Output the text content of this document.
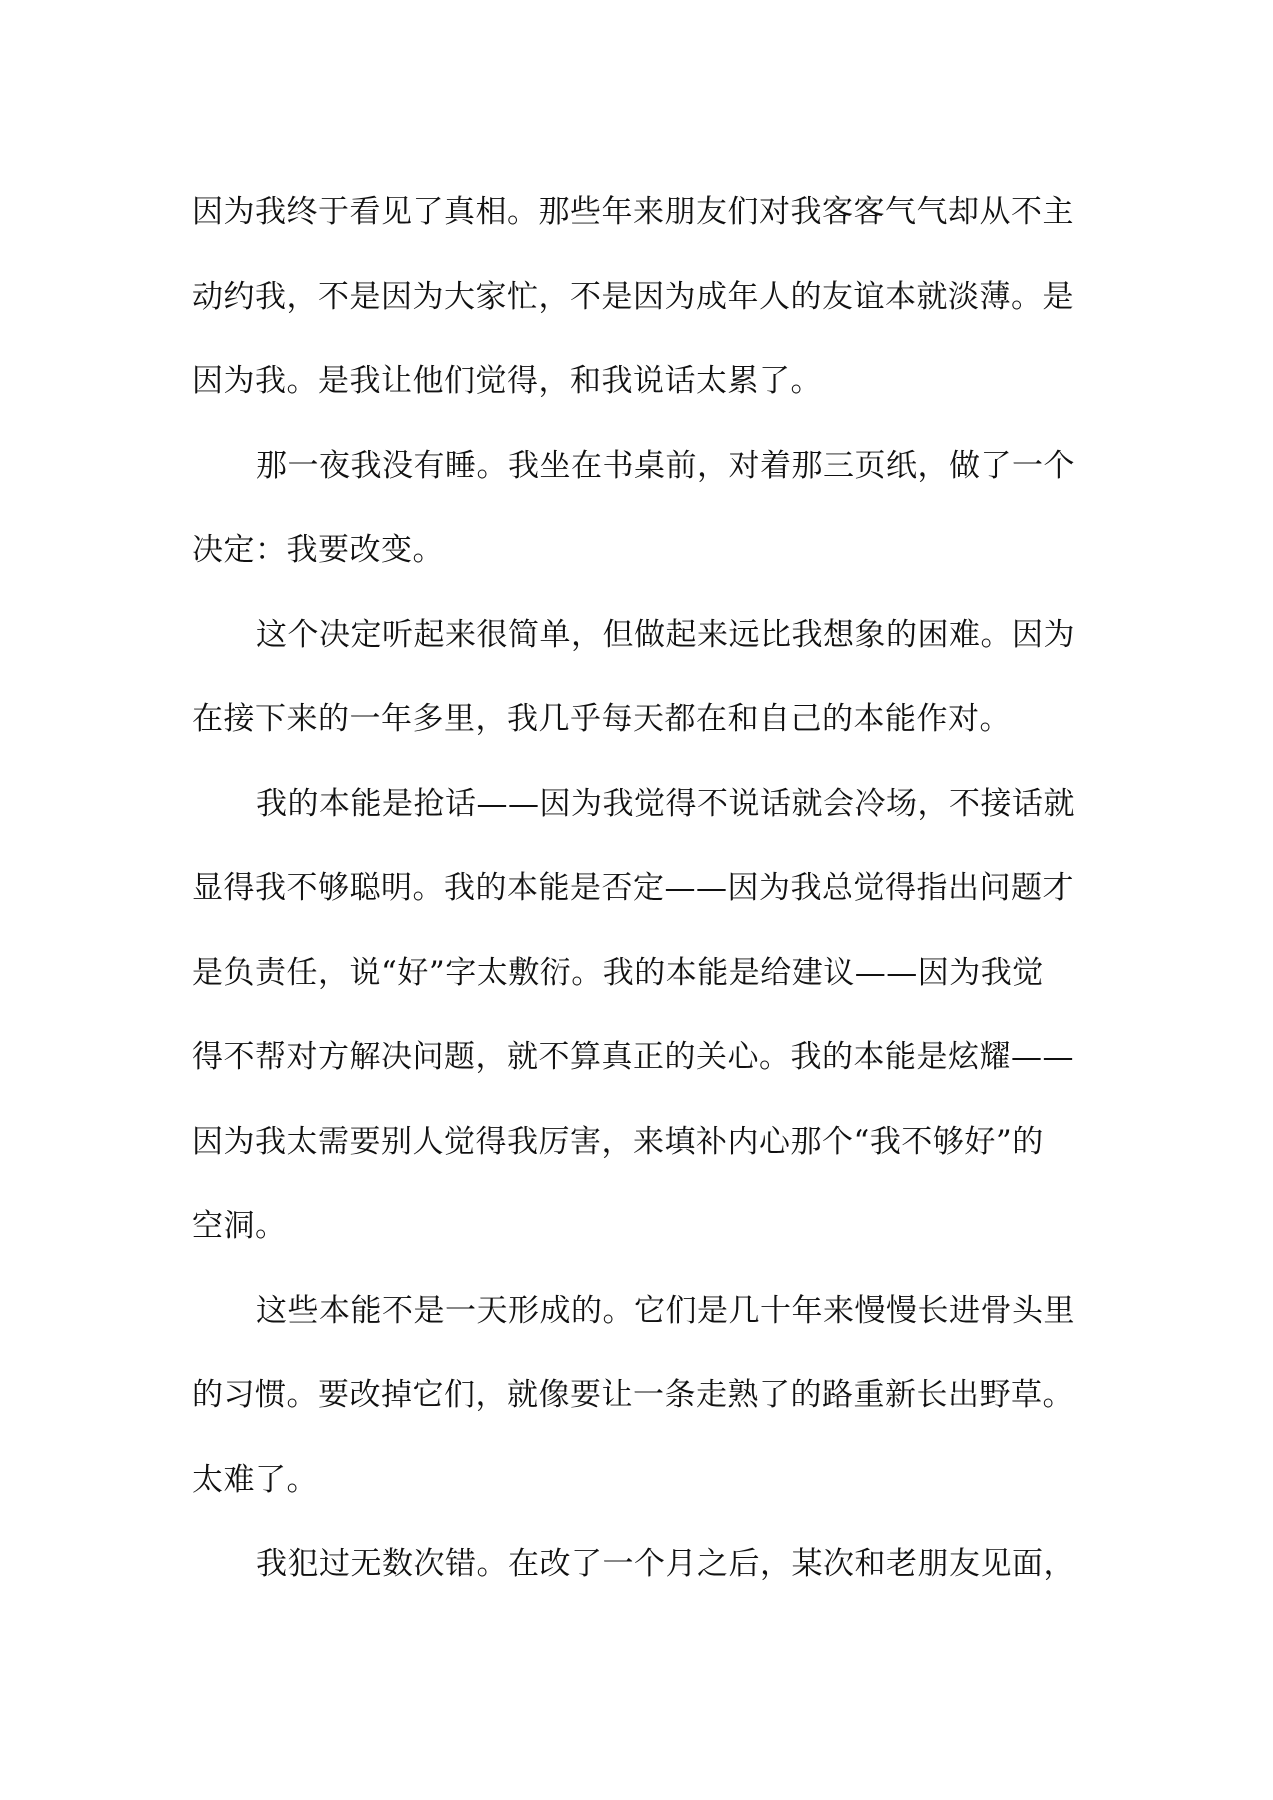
因为我终于看见了真相。那些年来朋友们对我客客气气却从不主
动约我，不是因为大家忙，不是因为成年人的友谊本就淡薄。是
因为我。是我让他们觉得，和我说话太累了。
那一夜我没有睡。我坐在书桌前，对着那三页纸，做了一个
决定：我要改变。
这个决定听起来很简单，但做起来远比我想象的困难。因为
在接下来的一年多里，我几乎每天都在和自己的本能作对。
我的本能是抢话——因为我觉得不说话就会冷场，不接话就
显得我不够聪明。我的本能是否定——因为我总觉得指出问题才
是负责任，说“好”字太敷衍。我的本能是给建议——因为我觉
得不帮对方解决问题，就不算真正的关心。我的本能是炫耀——
因为我太需要别人觉得我厉害，来填补内心那个“我不够好”的
空洞。
这些本能不是一天形成的。它们是几十年来慢慢长进骨头里
的习惯。要改掉它们，就像要让一条走熟了的路重新长出野草。
太难了。
我犯过无数次错。在改了一个月之后，某次和老朋友见面，
